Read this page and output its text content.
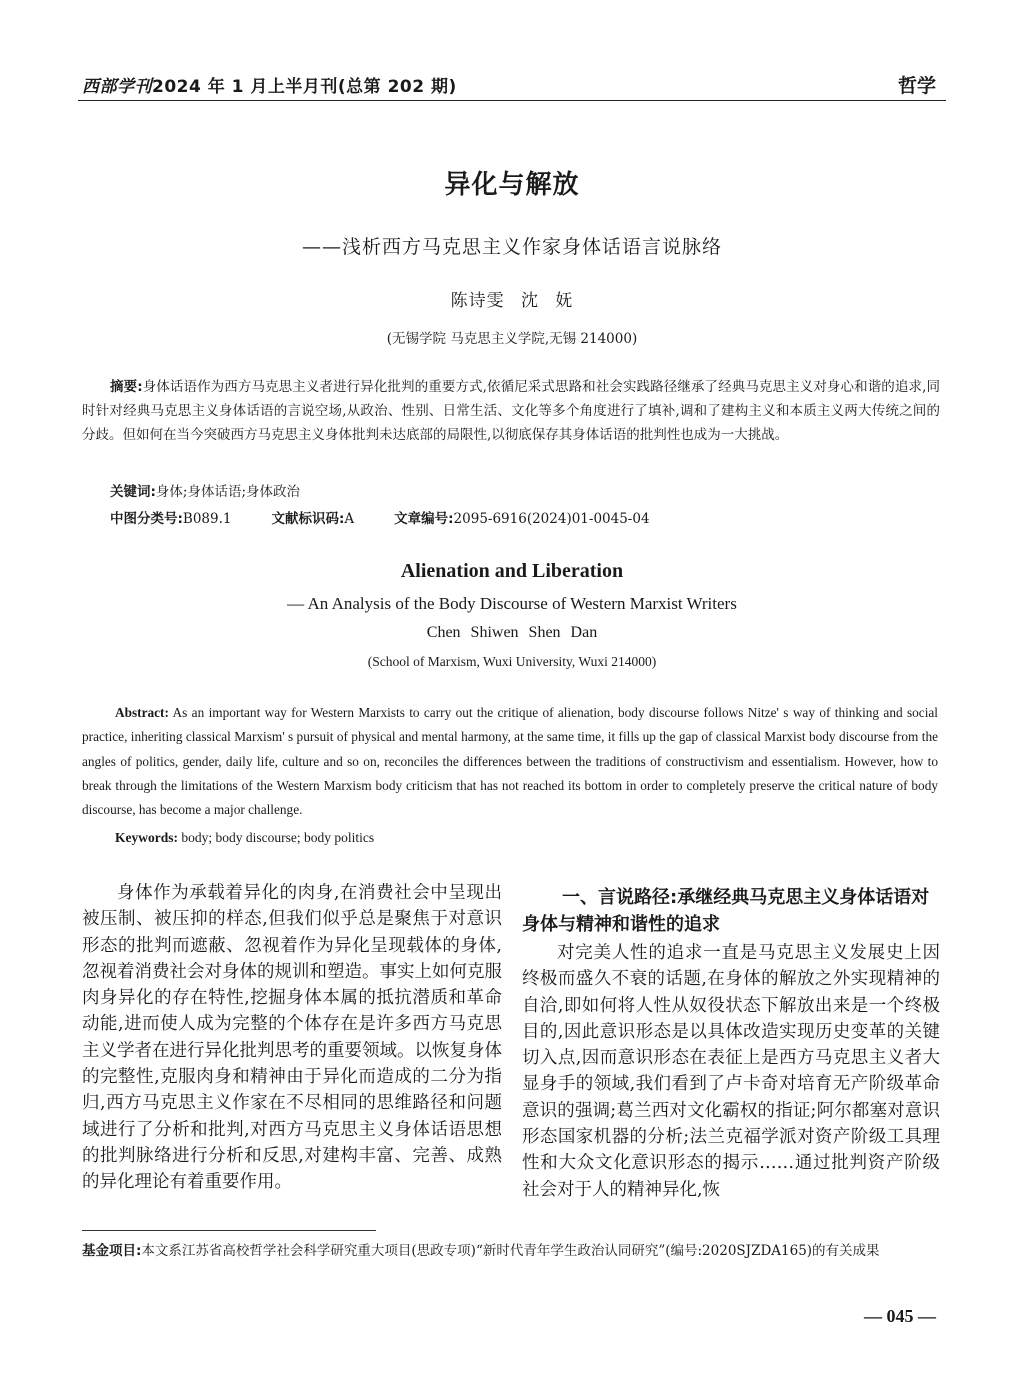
西部学刊2024 年 1 月上半月刊(总第 202 期)	哲学
异化与解放
——浅析西方马克思主义作家身体话语言说脉络
陈诗雯 沈 妩
(无锡学院 马克思主义学院,无锡 214000)
摘要:身体话语作为西方马克思主义者进行异化批判的重要方式,依循尼采式思路和社会实践路径继承了经典马克思主义对身心和谐的追求,同时针对经典马克思主义身体话语的言说空场,从政治、性别、日常生活、文化等多个角度进行了填补,调和了建构主义和本质主义两大传统之间的分歧。但如何在当今突破西方马克思主义身体批判未达底部的局限性,以彻底保存其身体话语的批判性也成为一大挑战。
关键词:身体;身体话语;身体政治
中图分类号:B089.1	文献标识码:A	文章编号:2095-6916(2024)01-0045-04
Alienation and Liberation
— An Analysis of the Body Discourse of Western Marxist Writers
Chen Shiwen Shen Dan
(School of Marxism, Wuxi University, Wuxi 214000)
Abstract: As an important way for Western Marxists to carry out the critique of alienation, body discourse follows Nitze' s way of thinking and social practice, inheriting classical Marxism' s pursuit of physical and mental harmony, at the same time, it fills up the gap of classical Marxist body discourse from the angles of politics, gender, daily life, culture and so on, reconciles the differences between the traditions of constructivism and essentialism. However, how to break through the limitations of the Western Marxism body criticism that has not reached its bottom in order to completely preserve the critical nature of body discourse, has become a major challenge.
Keywords: body; body discourse; body politics
身体作为承载着异化的肉身,在消费社会中呈现出被压制、被压抑的样态,但我们似乎总是聚焦于对意识形态的批判而遮蔽、忽视着作为异化呈现载体的身体,忽视着消费社会对身体的规训和塑造。事实上如何克服肉身异化的存在特性,挖掘身体本属的抵抗潜质和革命动能,进而使人成为完整的个体存在是许多西方马克思主义学者在进行异化批判思考的重要领域。以恢复身体的完整性,克服肉身和精神由于异化而造成的二分为指归,西方马克思主义作家在不尽相同的思维路径和问题域进行了分析和批判,对西方马克思主义身体话语思想的批判脉络进行分析和反思,对建构丰富、完善、成熟的异化理论有着重要作用。
一、言说路径:承继经典马克思主义身体话语对身体与精神和谐性的追求
对完美人性的追求一直是马克思主义发展史上因终极而盛久不衰的话题,在身体的解放之外实现精神的自洽,即如何将人性从奴役状态下解放出来是一个终极目的,因此意识形态是以具体改造实现历史变革的关键切入点,因而意识形态在表征上是西方马克思主义者大显身手的领域,我们看到了卢卡奇对培育无产阶级革命意识的强调;葛兰西对文化霸权的指证;阿尔都塞对意识形态国家机器的分析;法兰克福学派对资产阶级工具理性和大众文化意识形态的揭示……通过批判资产阶级社会对于人的精神异化,恢
基金项目:本文系江苏省高校哲学社会科学研究重大项目(思政专项)“新时代青年学生政治认同研究”(编号:2020SJZDA165)的有关成果
— 045 —
